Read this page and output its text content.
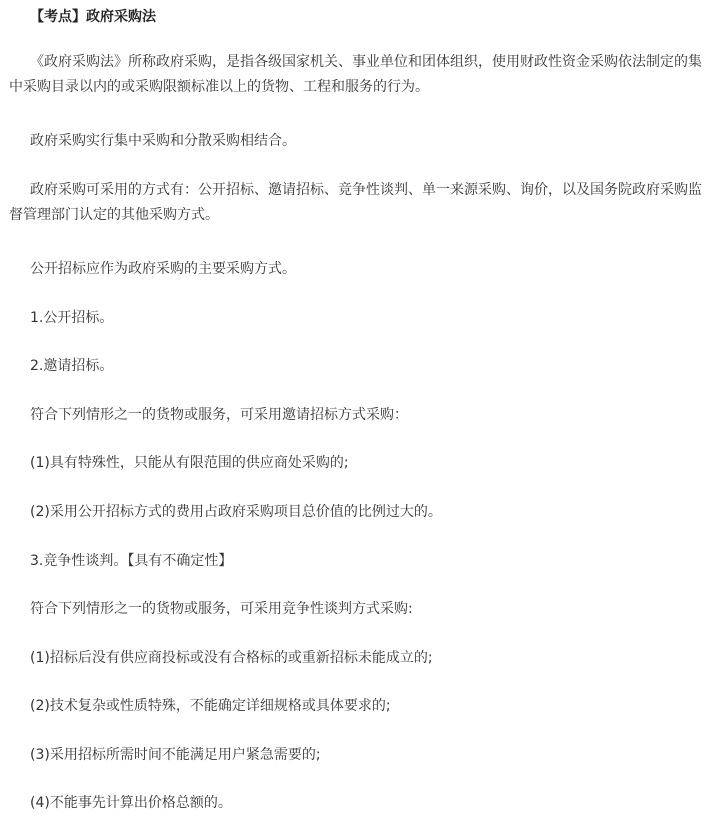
【考点】政府采购法

《政府采购法》所称政府采购，是指各级国家机关、事业单位和团体组织，使用财政性资金采购依法制定的集中采购目录以内的或采购限额标准以上的货物、工程和服务的行为。

政府采购实行集中采购和分散采购相结合。

政府采购可采用的方式有：公开招标、邀请招标、竞争性谈判、单一来源采购、询价，以及国务院政府采购监督管理部门认定的其他采购方式。

公开招标应作为政府采购的主要采购方式。

1.公开招标。

2.邀请招标。

符合下列情形之一的货物或服务，可采用邀请招标方式采购：

(1)具有特殊性，只能从有限范围的供应商处采购的;

(2)采用公开招标方式的费用占政府采购项目总价值的比例过大的。

3.竞争性谈判。【具有不确定性】

符合下列情形之一的货物或服务，可采用竞争性谈判方式采购:

(1)招标后没有供应商投标或没有合格标的或重新招标未能成立的;

(2)技术复杂或性质特殊，不能确定详细规格或具体要求的;

(3)采用招标所需时间不能满足用户紧急需要的;

(4)不能事先计算出价格总额的。
